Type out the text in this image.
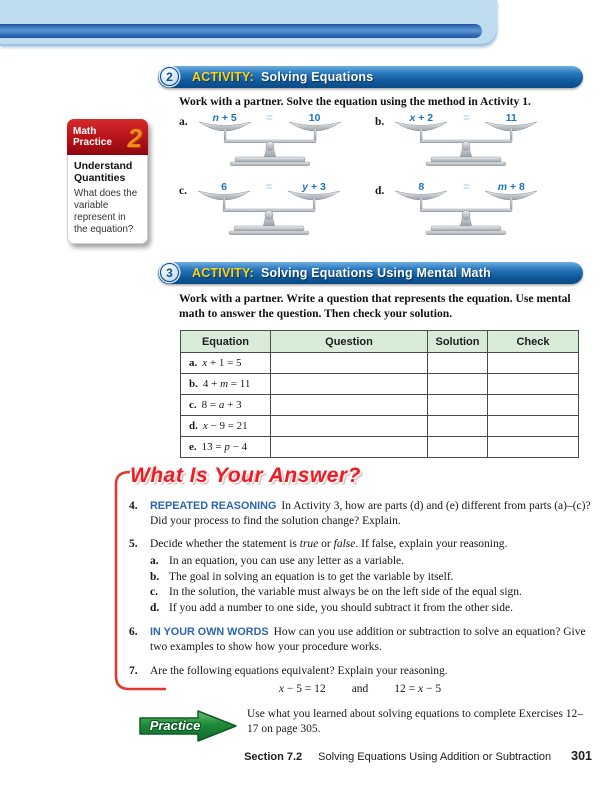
2	ACTIVITY: Solving Equations
Work with a partner. Solve the equation using the method in Activity 1.
Math
Practice 2
Understand Quantities
What does the variable represent in the equation?
a.	n + 5	=	10	b.	x + 2	=	11
c.	6	=	y + 3	d.	8	=	m + 8
3	ACTIVITY: Solving Equations Using Mental Math
Work with a partner. Write a question that represents the equation. Use mental math to answer the question. Then check your solution.
Equation	Question	Solution	Check
a. x + 1 = 5			
b. 4 + m = 11			
c. 8 = a + 3			
d. x − 9 = 21			
e. 13 = p − 4			
What Is Your Answer?
4. REPEATED REASONING In Activity 3, how are parts (d) and (e) different from parts (a)–(c)? Did your process to find the solution change? Explain.
5. Decide whether the statement is true or false. If false, explain your reasoning.
a. In an equation, you can use any letter as a variable.
b. The goal in solving an equation is to get the variable by itself.
c. In the solution, the variable must always be on the left side of the equal sign.
d. If you add a number to one side, you should subtract it from the other side.
6. IN YOUR OWN WORDS How can you use addition or subtraction to solve an equation? Give two examples to show how your procedure works.
7. Are the following equations equivalent? Explain your reasoning.
x − 5 = 12 and 12 = x − 5
Practice
Use what you learned about solving equations to complete Exercises 12–17 on page 305.
Section 7.2 Solving Equations Using Addition or Subtraction 301
